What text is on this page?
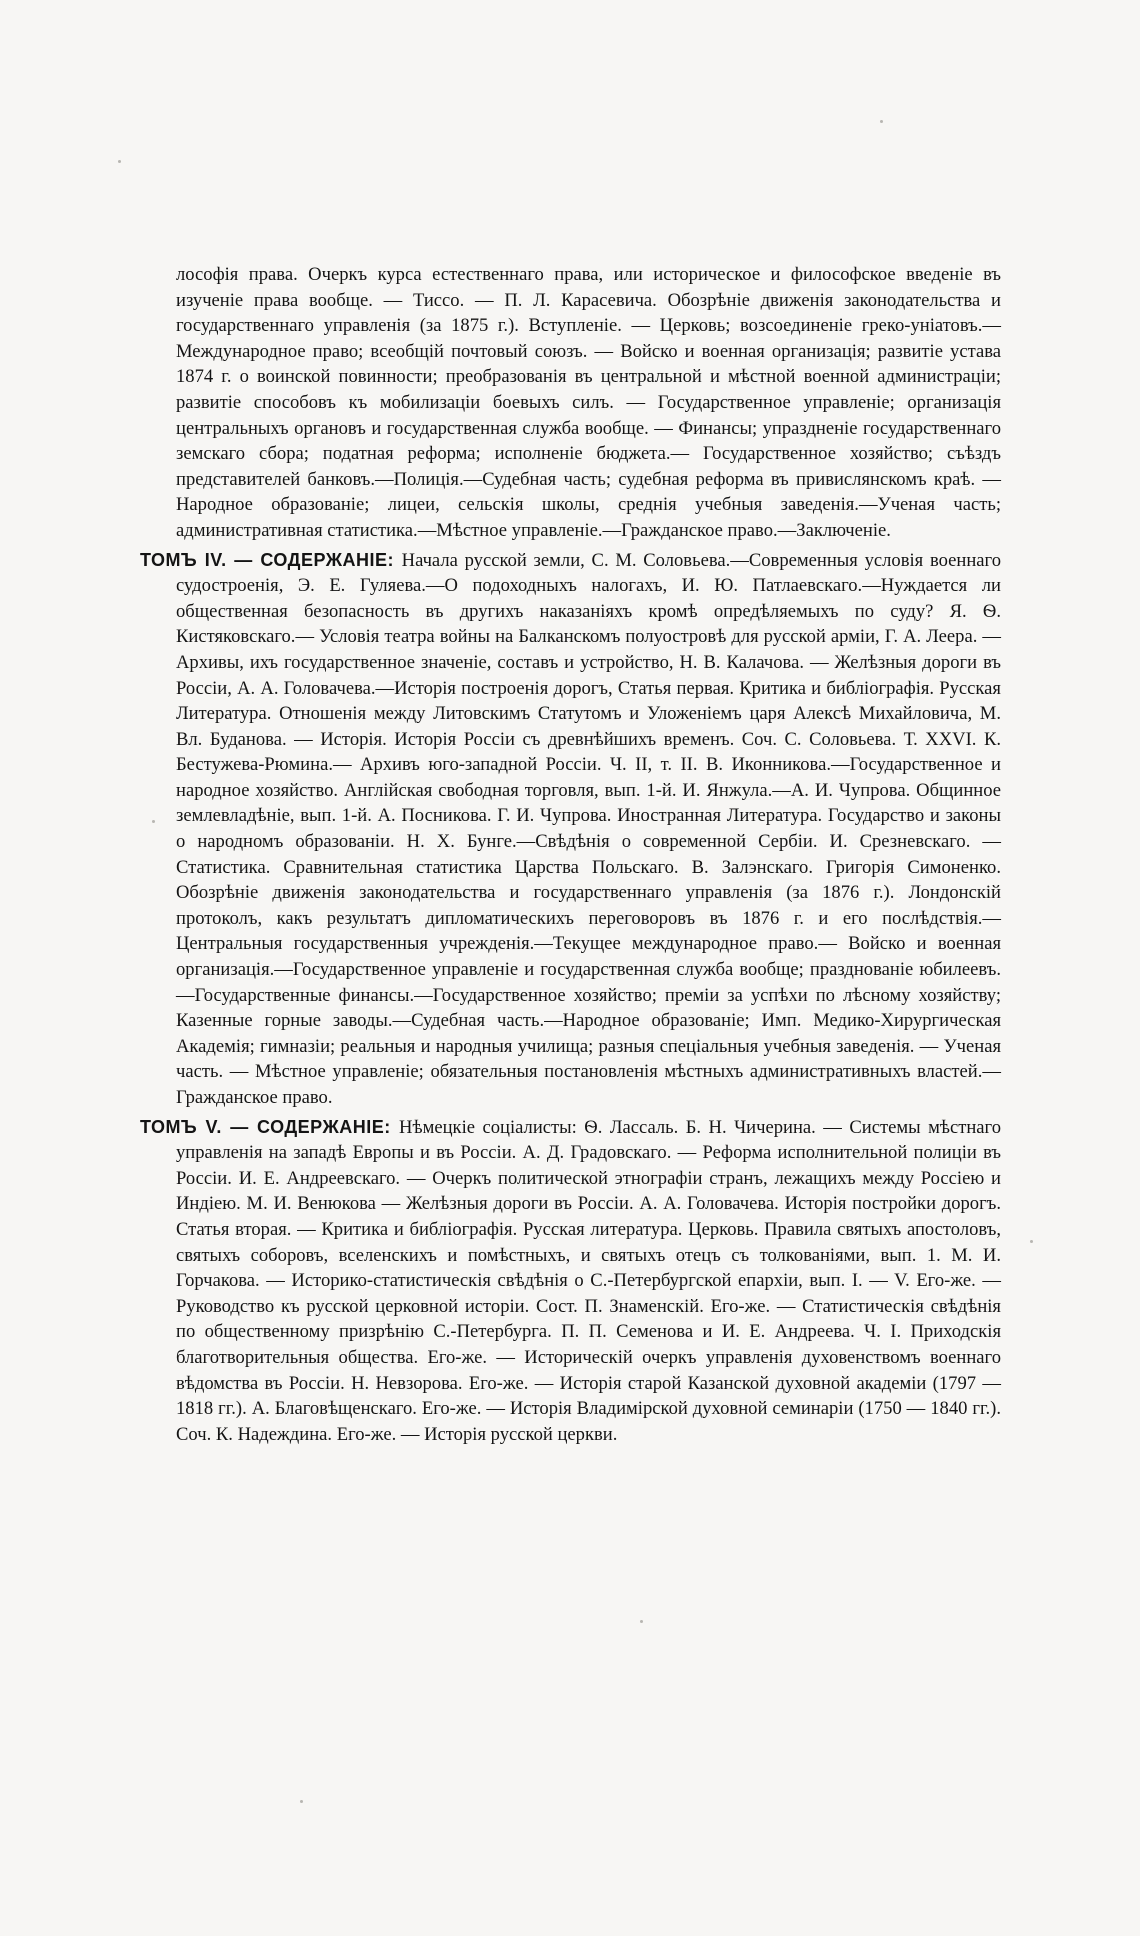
лософія права. Очеркъ курса естественнаго права, или историческое и философское введеніе въ изученіе права вообще. — Тиссо. — П. Л. Карасевича. Обозрѣніе движенія законодательства и государственнаго управленія (за 1875 г.). Вступленіе. — Церковь; возсоединеніе греко-уніатовъ.— Международное право; всеобщій почтовый союзъ. — Войско и военная организація; развитіе устава 1874 г. о воинской повинности; преобразованія въ центральной и мѣстной военной администраціи; развитіе способовъ къ мобилизаціи боевыхъ силъ. — Государственное управленіе; организація центральныхъ органовъ и государственная служба вообще. — Финансы; упраздненіе государственнаго земскаго сбора; податная реформа; исполненіе бюджета.— Государственное хозяйство; съѣздъ представителей банковъ.—Полиція.—Судебная часть; судебная реформа въ привислянскомъ краѣ. — Народное образованіе; лицеи, сельскія школы, среднія учебныя заведенія.—Ученая часть; административная статистика.—Мѣстное управленіе.—Гражданское право.—Заключеніе.

ТОМЪ IV. — СОДЕРЖАНІЕ: Начала русской земли, С. М. Соловьева.—Современныя условія военнаго судостроенія, Э. Е. Гуляева.—О подоходныхъ налогахъ, И. Ю. Патлаевскаго.—Нуждается ли общественная безопасность въ другихъ наказаніяхъ кромѣ опредѣляемыхъ по суду? Я. Ѳ. Кистяковскаго.— Условія театра войны на Балканскомъ полуостровѣ для русской арміи, Г. А. Леера. — Архивы, ихъ государственное значеніе, составъ и устройство, Н. В. Калачова. — Желѣзныя дороги въ Россіи, А. А. Головачева.—Исторія построенія дорогъ, Статья первая. Критика и библіографія. Русская Литература. Отношенія между Литовскимъ Статутомъ и Уложеніемъ царя Алексѣ Михайловича, М. Вл. Буданова. — Исторія. Исторія Россіи съ древнѣйшихъ временъ. Соч. С. Соловьева. Т. XXVI. К. Бестужева-Рюмина.— Архивъ юго-западной Россіи. Ч. II, т. II. В. Иконникова.—Государственное и народное хозяйство. Англійская свободная торговля, вып. 1-й. И. Янжула.—А. И. Чупрова. Общинное землевладѣніе, вып. 1-й. А. Посникова. Г. И. Чупрова. Иностранная Литература. Государство и законы о народномъ образованіи. Н. Х. Бунге.—Свѣдѣнія о современной Сербіи. И. Срезневскаго. — Статистика. Сравнительная статистика Царства Польскаго. В. Залэнскаго. Григорія Симоненко. Обозрѣніе движенія законодательства и государственнаго управленія (за 1876 г.). Лондонскій протоколъ, какъ результатъ дипломатическихъ переговоровъ въ 1876 г. и его послѣдствія.— Центральныя государственныя учрежденія.—Текущее международное право.— Войско и военная организація.—Государственное управленіе и государственная служба вообще; празднованіе юбилеевъ.—Государственные финансы.—Государственное хозяйство; преміи за успѣхи по лѣсному хозяйству; Казенные горные заводы.—Судебная часть.—Народное образованіе; Имп. Медико-Хирургическая Академія; гимназіи; реальныя и народныя училища; разныя спеціальныя учебныя заведенія. — Ученая часть. — Мѣстное управленіе; обязательныя постановленія мѣстныхъ административныхъ властей.—Гражданское право.

ТОМЪ V. — СОДЕРЖАНІЕ: Нѣмецкіе соціалисты: Ѳ. Лассаль. Б. Н. Чичерина. — Системы мѣстнаго управленія на западѣ Европы и въ Россіи. А. Д. Градовскаго. — Реформа исполнительной полиціи въ Россіи. И. Е. Андреевскаго. — Очеркъ политической этнографіи странъ, лежащихъ между Россіею и Индіею. М. И. Венюкова — Желѣзныя дороги въ Россіи. А. А. Головачева. Исторія постройки дорогъ. Статья вторая. — Критика и библіографія. Русская литература. Церковь. Правила святыхъ апостоловъ, святыхъ соборовъ, вселенскихъ и помѣстныхъ, и святыхъ отецъ съ толкованіями, вып. 1. М. И. Горчакова. — Историко-статистическія свѣдѣнія о С.-Петербургской епархіи, вып. I. — V. Его-же. — Руководство къ русской церковной исторіи. Сост. П. Знаменскій. Его-же. — Статистическія свѣдѣнія по общественному призрѣнію С.-Петербурга. П. П. Семенова и И. Е. Андреева. Ч. I. Приходскія благотворительныя общества. Его-же. — Историческій очеркъ управленія духовенствомъ военнаго вѣдомства въ Россіи. Н. Невзорова. Его-же. — Исторія старой Казанской духовной академіи (1797 — 1818 гг.). А. Благовѣщенскаго. Его-же. — Исторія Владимірской духовной семинаріи (1750 — 1840 гг.). Соч. К. Надеждина. Его-же. — Исторія русской церкви.
